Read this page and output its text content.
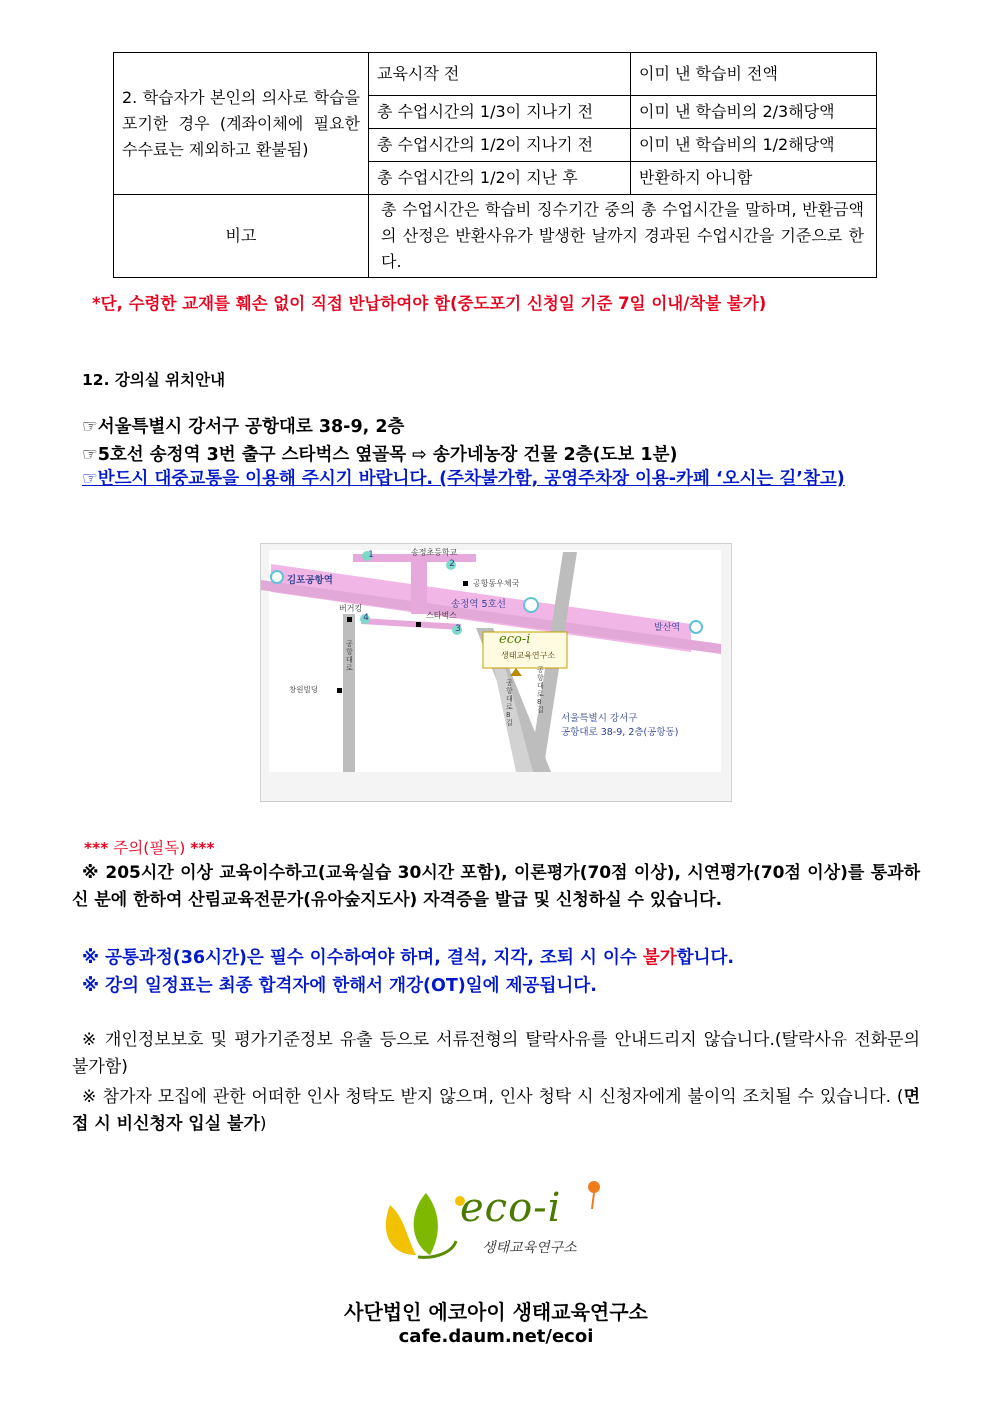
2. 학습자가 본인의 의사로 학습을 포기한 경우 (계좌이체에 필요한 수수료는 제외하고 환불됨)	교육시작 전	이미 낸 학습비 전액
	총 수업시간의 1/3이 지나기 전	이미 낸 학습비의 2/3해당액
	총 수업시간의 1/2이 지나기 전	이미 낸 학습비의 1/2해당액
	총 수업시간의 1/2이 지난 후	반환하지 아니함
비고	총 수업시간은 학습비 징수기간 중의 총 수업시간을 말하며, 반환금액의 산정은 반환사유가 발생한 날까지 경과된 수업시간을 기준으로 한다.	
*단, 수령한 교재를 훼손 없이 직접 반납하여야 함(중도포기 신청일 기준 7일 이내/착불 불가)
12. 강의실 위치안내
☞서울특별시 강서구 공항대로 38-9, 2층
☞5호선 송정역 3번 출구 스타벅스 옆골목 ⇨ 송가네농장 건물 2층(도보 1분)
☞반드시 대중교통을 이용해 주시기 바랍니다. (주차불가함, 공영주차장 이용-카페 ‘오시는 길’참고)
1
2
3
4
송정초등학교
김포공항역	공항동우체국
송정역 5호선
버거킹
스타벅스
발산역
공항대로
공항대로8길
공항대로8길
창원빌딩
eco-i
생태교육연구소
서울특별시 강서구
공항대로 38-9, 2층(공항동)
*** 주의(필독) ***
※ 205시간 이상 교육이수하고(교육실습 30시간 포함), 이론평가(70점 이상), 시연평가(70점 이상)를 통과하신 분에 한하여 산림교육전문가(유아숲지도사) 자격증을 발급 및 신청하실 수 있습니다.
※ 공통과정(36시간)은 필수 이수하여야 하며, 결석, 지각, 조퇴 시 이수 불가합니다.
※ 강의 일정표는 최종 합격자에 한해서 개강(OT)일에 제공됩니다.
※ 개인정보보호 및 평가기준정보 유출 등으로 서류전형의 탈락사유를 안내드리지 않습니다.(탈락사유 전화문의 불가함)
※ 참가자 모집에 관한 어떠한 인사 청탁도 받지 않으며, 인사 청탁 시 신청자에게 불이익 조치될 수 있습니다. (면접 시 비신청자 입실 불가)
eco-i
생태교육연구소
사단법인 에코아이 생태교육연구소
cafe.daum.net/ecoi
